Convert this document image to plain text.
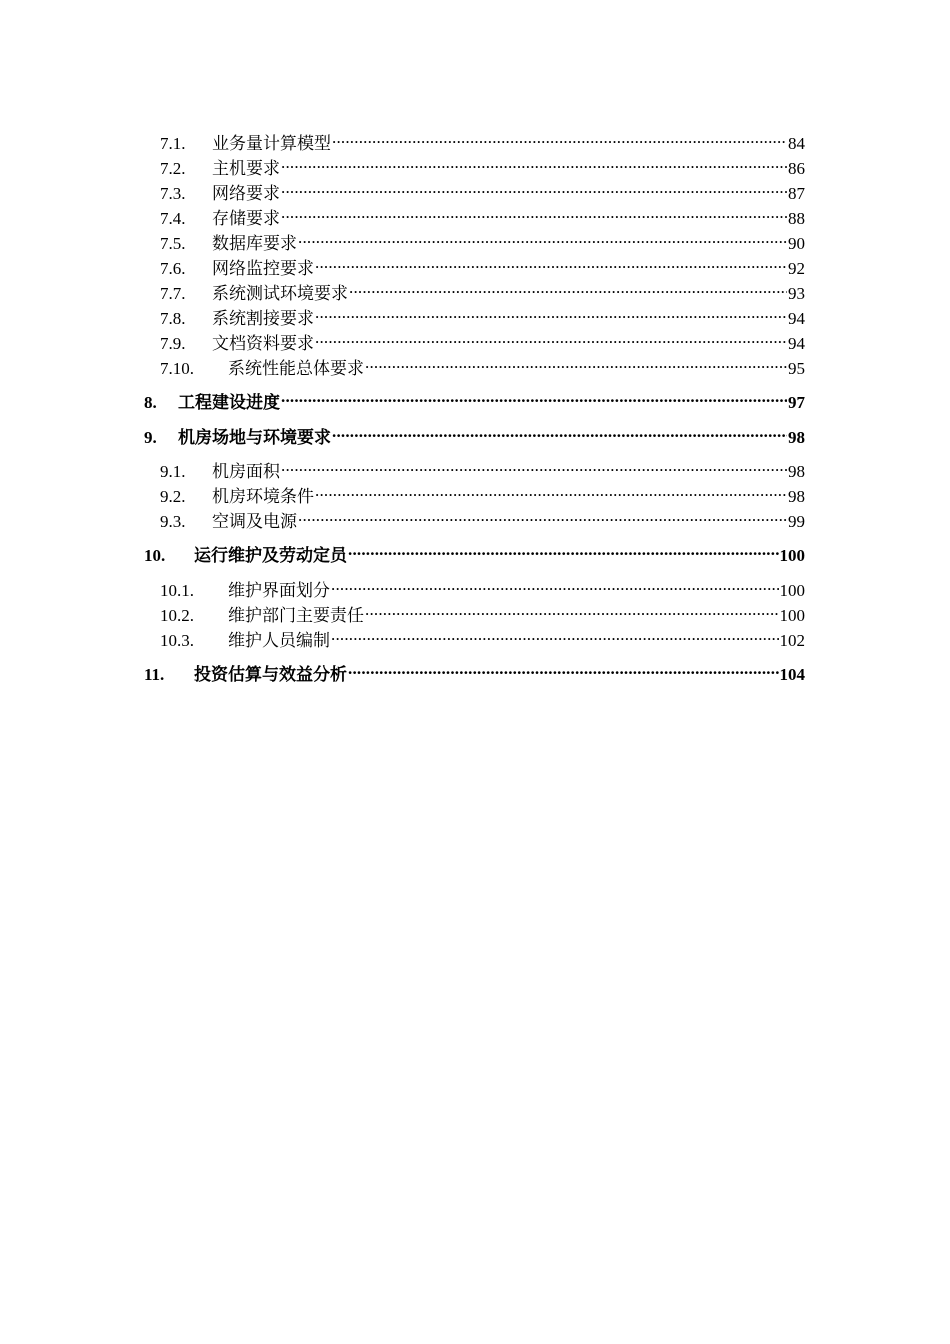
7.1.	业务量计算模型 .....	84
7.2.	主机要求 .....	86
7.3.	网络要求 .....	87
7.4.	存储要求 .....	88
7.5.	数据库要求 .....	90
7.6.	网络监控要求 .....	92
7.7.	系统测试环境要求 .....	93
7.8.	系统割接要求 .....	94
7.9.	文档资料要求 .....	94
7.10.	系统性能总体要求 .....	95
8.	工程建设进度 .....	97
9.	机房场地与环境要求 .....	98
9.1.	机房面积 .....	98
9.2.	机房环境条件 .....	98
9.3.	空调及电源 .....	99
10.	运行维护及劳动定员 .....	100
10.1.	维护界面划分 .....	100
10.2.	维护部门主要责任 .....	100
10.3.	维护人员编制 .....	102
11.	投资估算与效益分析 .....	104
